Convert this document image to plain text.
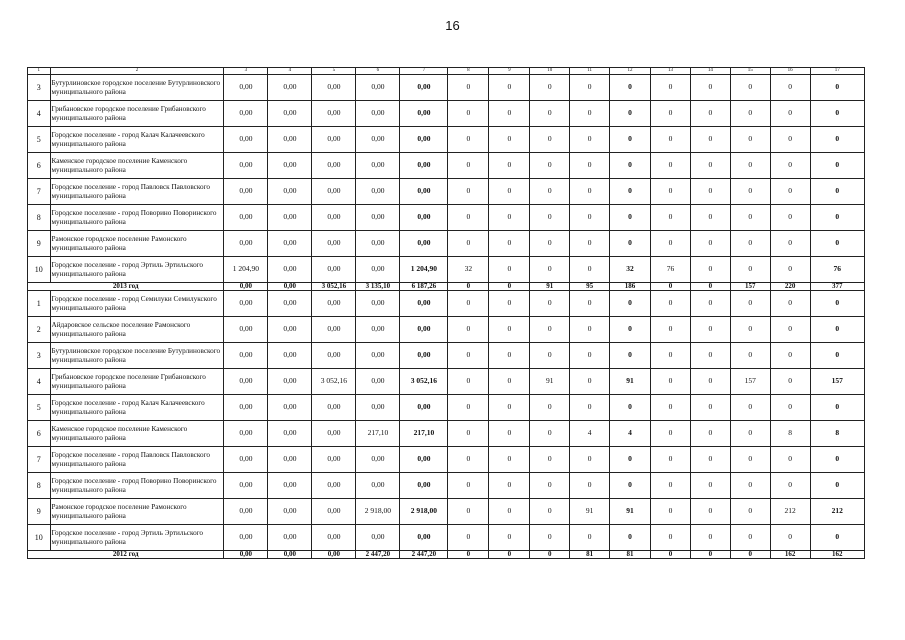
16
1	2	3	4	5	6	7	8	9	10	11	12	13	14	15	16	17
3	Бутурлиновское городское поселение Бутурлиновского муниципального района	0,00	0,00	0,00	0,00	0,00	0	0	0	0	0	0	0	0	0	0
4	Грибановское городское поселение Грибановского муниципального района	0,00	0,00	0,00	0,00	0,00	0	0	0	0	0	0	0	0	0	0
5	Городское поселение - город Калач Калачеевского муниципального района	0,00	0,00	0,00	0,00	0,00	0	0	0	0	0	0	0	0	0	0
6	Каменское городское поселение Каменского муниципального района	0,00	0,00	0,00	0,00	0,00	0	0	0	0	0	0	0	0	0	0
7	Городское поселение - город Павловск Павловского муниципального района	0,00	0,00	0,00	0,00	0,00	0	0	0	0	0	0	0	0	0	0
8	Городское поселение - город Поворино Поворинского муниципального района	0,00	0,00	0,00	0,00	0,00	0	0	0	0	0	0	0	0	0	0
9	Рамонское городское поселение Рамонского муниципального района	0,00	0,00	0,00	0,00	0,00	0	0	0	0	0	0	0	0	0	0
10	Городское поселение - город Эртиль Эртильского муниципального района	1 204,90	0,00	0,00	0,00	1 204,90	32	0	0	0	32	76	0	0	0	76
2013 год		0,00	0,00	3 052,16	3 135,10	6 187,26	0	0	91	95	186	0	0	157	220	377
1	Городское поселение - город Семилуки Семилукского муниципального района	0,00	0,00	0,00	0,00	0,00	0	0	0	0	0	0	0	0	0	0
2	Айдаровское сельское поселение Рамонского муниципального района	0,00	0,00	0,00	0,00	0,00	0	0	0	0	0	0	0	0	0	0
3	Бутурлиновское городское поселение Бутурлиновского муниципального района	0,00	0,00	0,00	0,00	0,00	0	0	0	0	0	0	0	0	0	0
4	Грибановское городское поселение Грибановского муниципального района	0,00	0,00	3 052,16	0,00	3 052,16	0	0	91	0	91	0	0	157	0	157
5	Городское поселение - город Калач Калачеевского муниципального района	0,00	0,00	0,00	0,00	0,00	0	0	0	0	0	0	0	0	0	0
6	Каменское городское поселение Каменского муниципального района	0,00	0,00	0,00	217,10	217,10	0	0	0	4	4	0	0	0	8	8
7	Городское поселение - город Павловск Павловского муниципального района	0,00	0,00	0,00	0,00	0,00	0	0	0	0	0	0	0	0	0	0
8	Городское поселение - город Поворино Поворинского муниципального района	0,00	0,00	0,00	0,00	0,00	0	0	0	0	0	0	0	0	0	0
9	Рамонское городское поселение Рамонского муниципального района	0,00	0,00	0,00	2 918,00	2 918,00	0	0	0	91	91	0	0	0	212	212
10	Городское поселение - город Эртиль Эртильского муниципального района	0,00	0,00	0,00	0,00	0,00	0	0	0	0	0	0	0	0	0	0
2012 год		0,00	0,00	0,00	2 447,20	2 447,20	0	0	0	81	81	0	0	0	162	162
